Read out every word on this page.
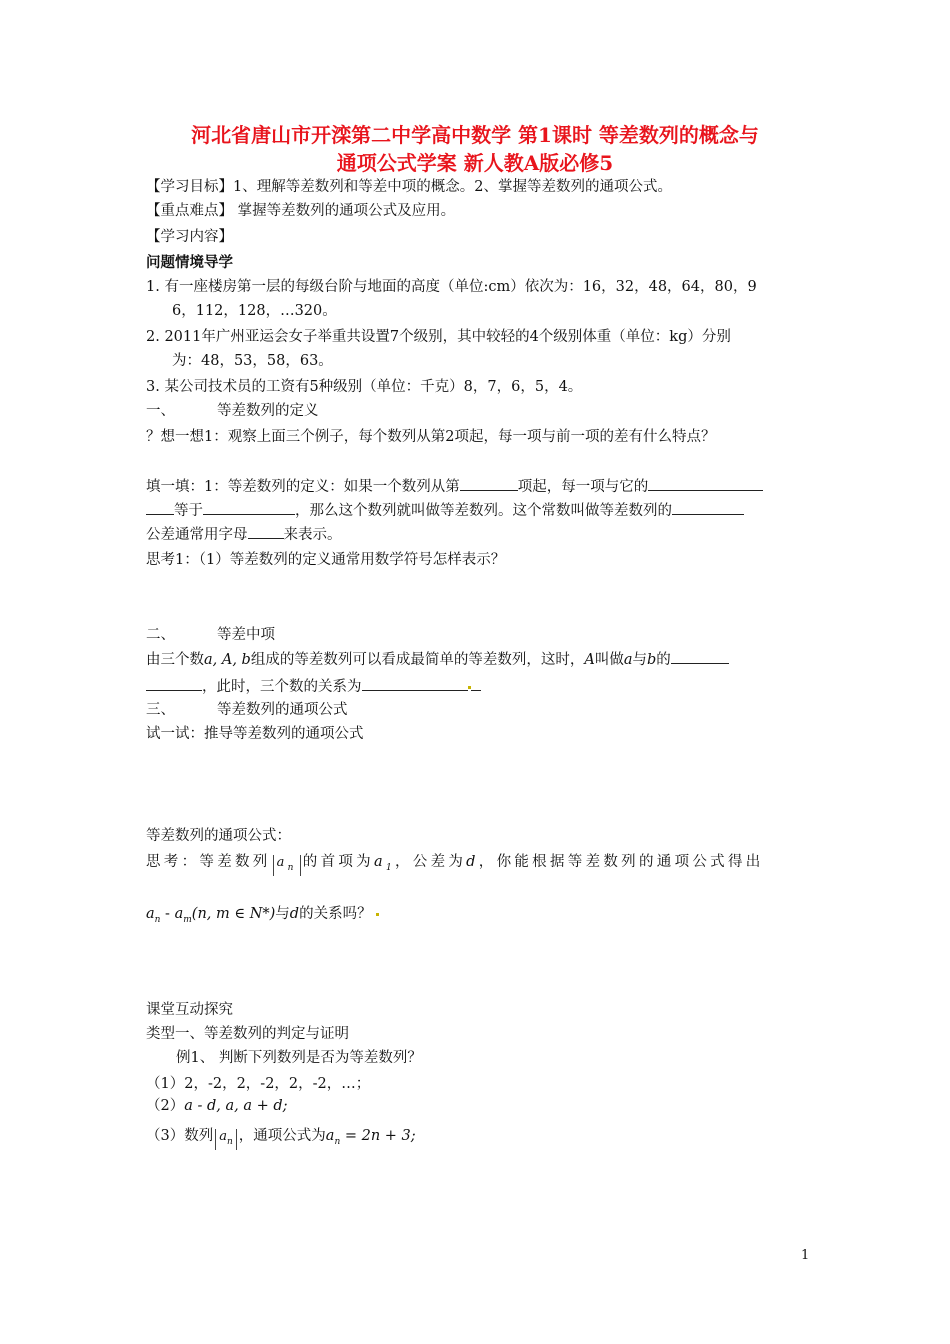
河北省唐山市开滦第二中学高中数学 第1课时 等差数列的概念与
通项公式学案 新人教A版必修5
【学习目标】1、理解等差数列和等差中项的概念。2、掌握等差数列的通项公式。
【重点难点】 掌握等差数列的通项公式及应用。
【学习内容】
问题情境导学
1. 有一座楼房第一层的每级台阶与地面的高度（单位:cm）依次为：16，32，48，64，80，9
6，112，128，…320。
2. 2011年广州亚运会女子举重共设置7个级别，其中较轻的4个级别体重（单位：kg）分别
为：48，53，58，63。
3. 某公司技术员的工资有5种级别（单位：千克）8，7，6，5，4。
一、	等差数列的定义
？想一想1：观察上面三个例子，每个数列从第2项起，每一项与前一项的差有什么特点？
填一填：1：等差数列的定义：如果一个数列从第	项起，每一项与它的
等于	，那么这个数列就叫做等差数列。这个常数叫做等差数列的
公差通常用字母 来表示。
思考1：（1）等差数列的定义通常用数学符号怎样表示？
二、	等差中项
由三个数a, A, b组成的等差数列可以看成最简单的等差数列，这时，A叫做a与b的
，此时，三个数的关系为
三、	等差数列的通项公式
试一试：推导等差数列的通项公式
等差数列的通项公式：
思考：等差数列 $a_n$ 的首项为$a_1$，公差为d，你能根据等差数列的通项公式得出
$a_n - a_m(n$, m ∈ N*)与d的关系吗？
课堂互动探究
类型一、等差数列的判定与证明
例1、 判断下列数列是否为等差数列？
（1）2，-2，2，-2，2，-2，…；
（2）a - d, a, a + d;
（3）数列 $a_n$ ，通项公式为$a_n = 2n + 3$;
1
